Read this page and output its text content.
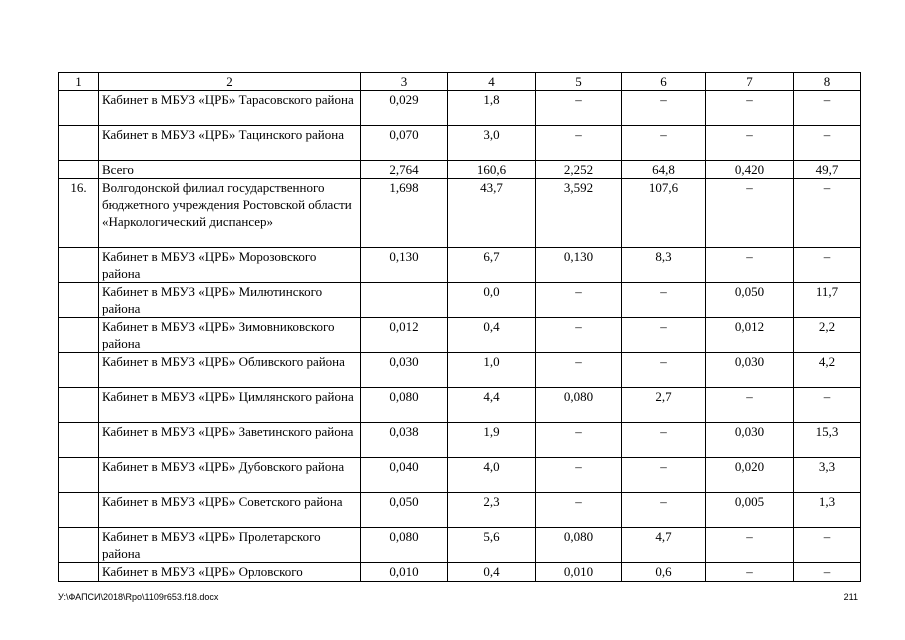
1	2	3	4	5	6	7	8
	Кабинет в МБУЗ «ЦРБ» Тарасовского района	0,029	1,8	–	–	–	–
	Кабинет в МБУЗ «ЦРБ» Тацинского района	0,070	3,0	–	–	–	–
	Всего	2,764	160,6	2,252	64,8	0,420	49,7
16.	Волгодонской филиал государственного бюджетного учреждения Ростовской области «Наркологический диспансер»	1,698	43,7	3,592	107,6	–	–
	Кабинет в МБУЗ «ЦРБ» Морозовского района	0,130	6,7	0,130	8,3	–	–
	Кабинет в МБУЗ «ЦРБ» Милютинского района		0,0	–	–	0,050	11,7
	Кабинет в МБУЗ «ЦРБ» Зимовниковского района	0,012	0,4	–	–	0,012	2,2
	Кабинет в МБУЗ «ЦРБ» Обливского района	0,030	1,0	–	–	0,030	4,2
	Кабинет в МБУЗ «ЦРБ» Цимлянского района	0,080	4,4	0,080	2,7	–	–
	Кабинет в МБУЗ «ЦРБ» Заветинского района	0,038	1,9	–	–	0,030	15,3
	Кабинет в МБУЗ «ЦРБ» Дубовского района	0,040	4,0	–	–	0,020	3,3
	Кабинет в МБУЗ «ЦРБ» Советского района	0,050	2,3	–	–	0,005	1,3
	Кабинет в МБУЗ «ЦРБ» Пролетарского района	0,080	5,6	0,080	4,7	–	–
	Кабинет в МБУЗ «ЦРБ» Орловского	0,010	0,4	0,010	0,6	–	–
У:\ФАПСИ\2018\Rpo\1109r653.f18.docx	211
